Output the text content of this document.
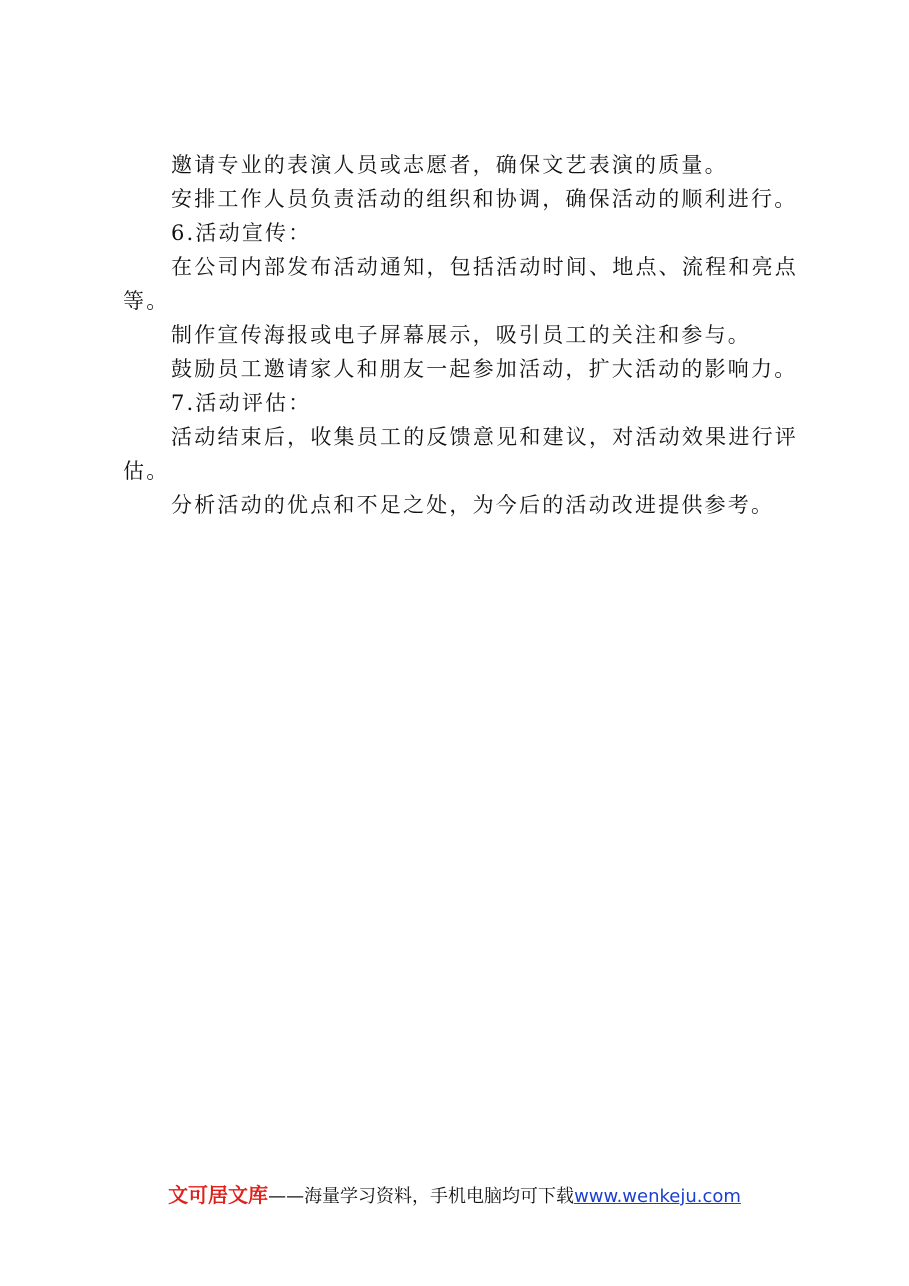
邀请专业的表演人员或志愿者，确保文艺表演的质量。

安排工作人员负责活动的组织和协调，确保活动的顺利进行。

6.活动宣传：

在公司内部发布活动通知，包括活动时间、地点、流程和亮点等。

制作宣传海报或电子屏幕展示，吸引员工的关注和参与。

鼓励员工邀请家人和朋友一起参加活动，扩大活动的影响力。

7.活动评估：

活动结束后，收集员工的反馈意见和建议，对活动效果进行评估。

分析活动的优点和不足之处，为今后的活动改进提供参考。

文可居文库——海量学习资料，手机电脑均可下载www.wenkeju.com
